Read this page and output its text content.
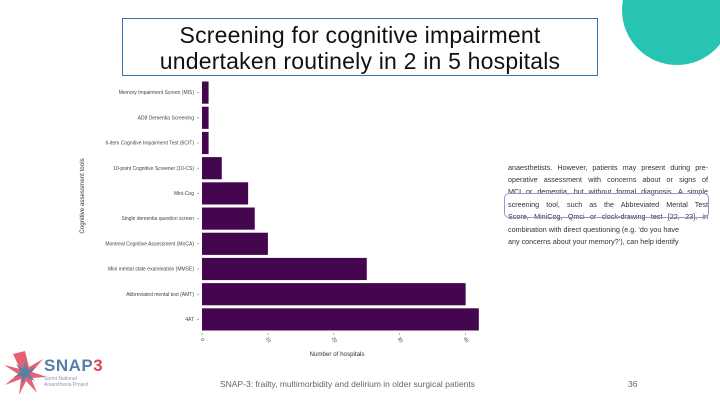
Screening for cognitive impairment
undertaken routinely in 2 in 5 hospitals
Memory Impairment Screen (MIS)
AD8 Dementia Screening
6-item Cognitive Impairment Test (6CIT)
10-point Cognitive Screener (10-CS)
Mini-Cog
Single dementia question screen
Montreal Cognitive Assessment (MoCA)
Mini mental state examination (MMSE)
Abbreviated mental test (AMT)
4AT
0	10	20	30	40
Number of hospitals
Cognitive assessment tools	anaesthetists. However, patients may present during pre-
operative assessment with concerns about or signs of
MCI or dementia, but without formal diagnosis. A simple
screening tool, such as the Abbreviated Mental Test
Score, MiniCog, Qmci or clock-drawing test [22, 23], in
combination with direct questioning (e.g. ‘do you have
any concerns about your memory?’), can help identify
SNAP3
Sprint National
Anaesthesia Project	SNAP-3: frailty, multimorbidity and delirium in older surgical patients	36
